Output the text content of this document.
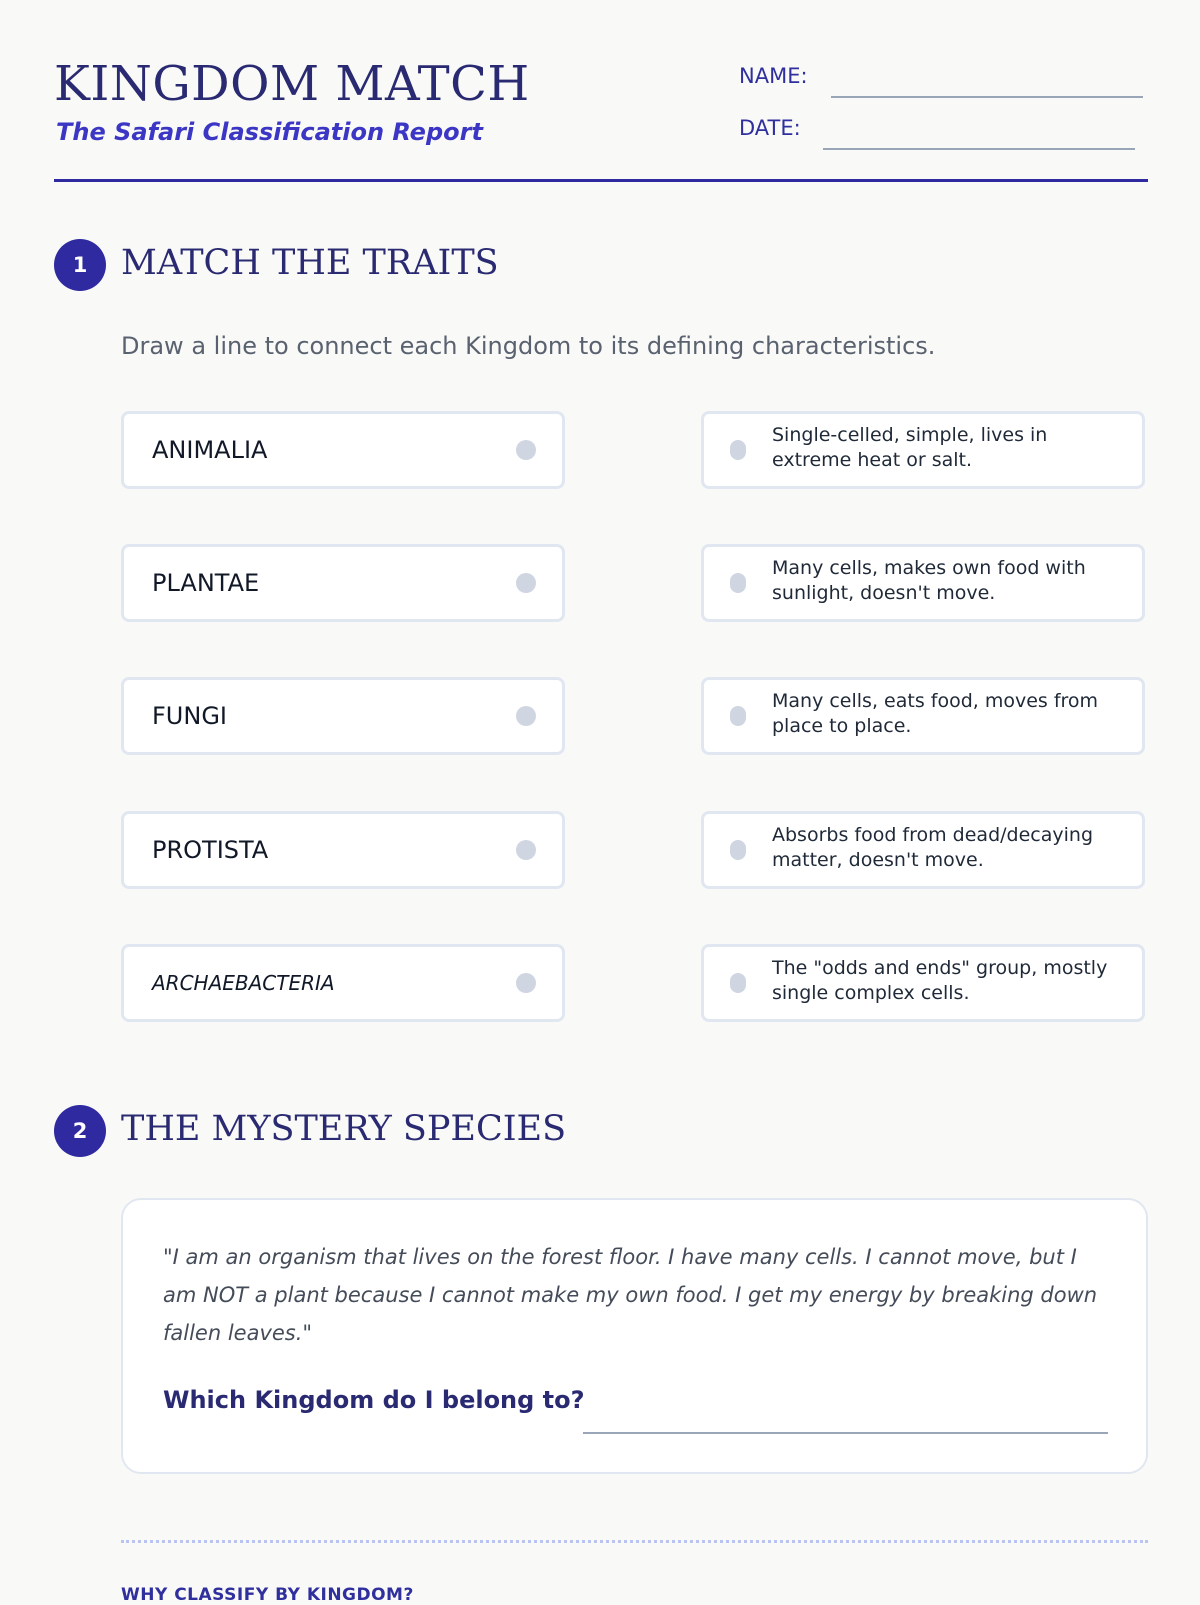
KINGDOM MATCH
The Safari Classification Report
NAME:
DATE:
1 MATCH THE TRAITS
Draw a line to connect each Kingdom to its defining characteristics.
ANIMALIA
PLANTAE
FUNGI
PROTISTA
ARCHAEBACTERIA
Single-celled, simple, lives in extreme heat or salt.
Many cells, makes own food with sunlight, doesn't move.
Many cells, eats food, moves from place to place.
Absorbs food from dead/decaying matter, doesn't move.
The "odds and ends" group, mostly single complex cells.
2 THE MYSTERY SPECIES
"I am an organism that lives on the forest floor. I have many cells. I cannot move, but I am NOT a plant because I cannot make my own food. I get my energy by breaking down fallen leaves."
Which Kingdom do I belong to?
WHY CLASSIFY BY KINGDOM?
